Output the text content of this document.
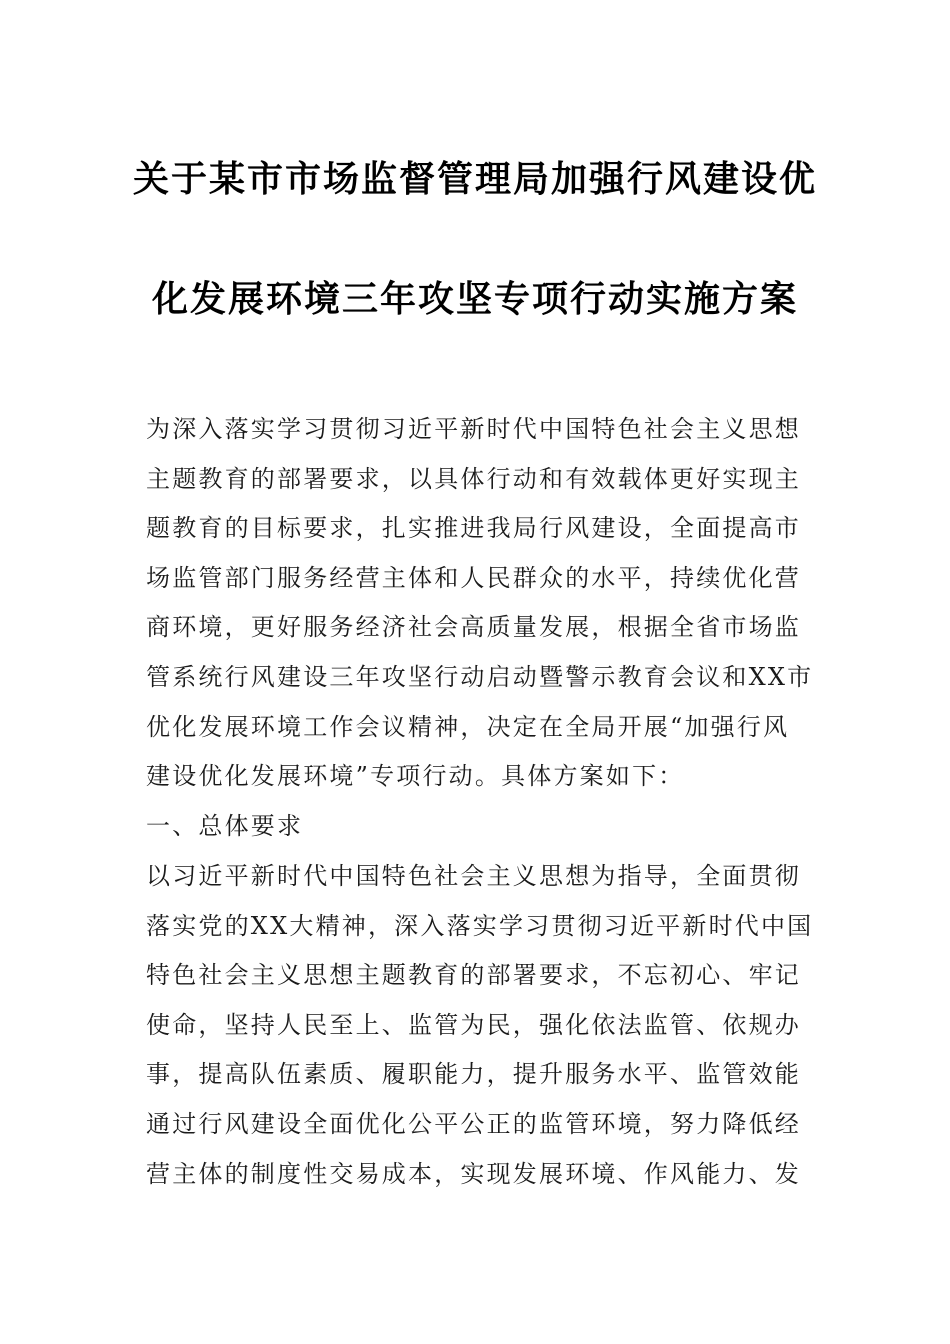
关于某市市场监督管理局加强行风建设优
化发展环境三年攻坚专项行动实施方案
为深入落实学习贯彻习近平新时代中国特色社会主义思想
主题教育的部署要求，以具体行动和有效载体更好实现主
题教育的目标要求，扎实推进我局行风建设，全面提高市
场监管部门服务经营主体和人民群众的水平，持续优化营
商环境，更好服务经济社会高质量发展，根据全省市场监
管系统行风建设三年攻坚行动启动暨警示教育会议和XX市
优化发展环境工作会议精神，决定在全局开展“加强行风
建设优化发展环境”专项行动。具体方案如下：
一、总体要求
以习近平新时代中国特色社会主义思想为指导，全面贯彻
落实党的XX大精神，深入落实学习贯彻习近平新时代中国
特色社会主义思想主题教育的部署要求，不忘初心、牢记
使命，坚持人民至上、监管为民，强化依法监管、依规办
事，提高队伍素质、履职能力，提升服务水平、监管效能
通过行风建设全面优化公平公正的监管环境，努力降低经
营主体的制度性交易成本，实现发展环境、作风能力、发
